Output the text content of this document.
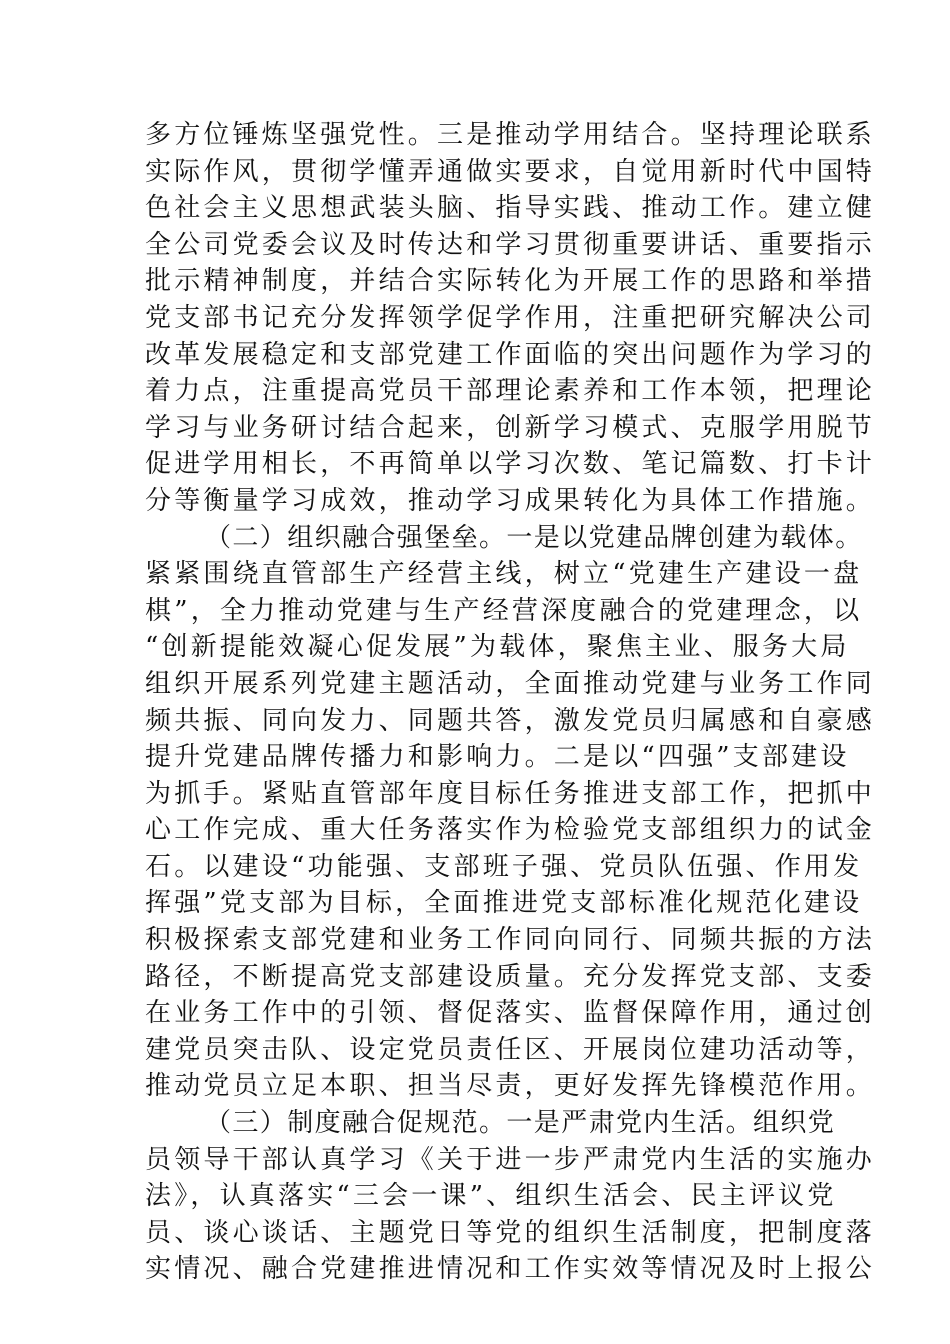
多方位锤炼坚强党性。三是推动学用结合。坚持理论联系
实际作风，贯彻学懂弄通做实要求，自觉用新时代中国特
色社会主义思想武装头脑、指导实践、推动工作。建立健
全公司党委会议及时传达和学习贯彻重要讲话、重要指示
批示精神制度，并结合实际转化为开展工作的思路和举措
党支部书记充分发挥领学促学作用，注重把研究解决公司
改革发展稳定和支部党建工作面临的突出问题作为学习的
着力点，注重提高党员干部理论素养和工作本领，把理论
学习与业务研讨结合起来，创新学习模式、克服学用脱节
促进学用相长，不再简单以学习次数、笔记篇数、打卡计
分等衡量学习成效，推动学习成果转化为具体工作措施。
（二）组织融合强堡垒。一是以党建品牌创建为载体。
紧紧围绕直管部生产经营主线，树立“党建生产建设一盘
棋”，全力推动党建与生产经营深度融合的党建理念，以
“创新提能效凝心促发展”为载体，聚焦主业、服务大局
组织开展系列党建主题活动，全面推动党建与业务工作同
频共振、同向发力、同题共答，激发党员归属感和自豪感
提升党建品牌传播力和影响力。二是以“四强”支部建设
为抓手。紧贴直管部年度目标任务推进支部工作，把抓中
心工作完成、重大任务落实作为检验党支部组织力的试金
石。以建设“功能强、支部班子强、党员队伍强、作用发
挥强”党支部为目标，全面推进党支部标准化规范化建设
积极探索支部党建和业务工作同向同行、同频共振的方法
路径，不断提高党支部建设质量。充分发挥党支部、支委
在业务工作中的引领、督促落实、监督保障作用，通过创
建党员突击队、设定党员责任区、开展岗位建功活动等，
推动党员立足本职、担当尽责，更好发挥先锋模范作用。
（三）制度融合促规范。一是严肃党内生活。组织党
员领导干部认真学习《关于进一步严肃党内生活的实施办
法》，认真落实“三会一课”、组织生活会、民主评议党
员、谈心谈话、主题党日等党的组织生活制度，把制度落
实情况、融合党建推进情况和工作实效等情况及时上报公
